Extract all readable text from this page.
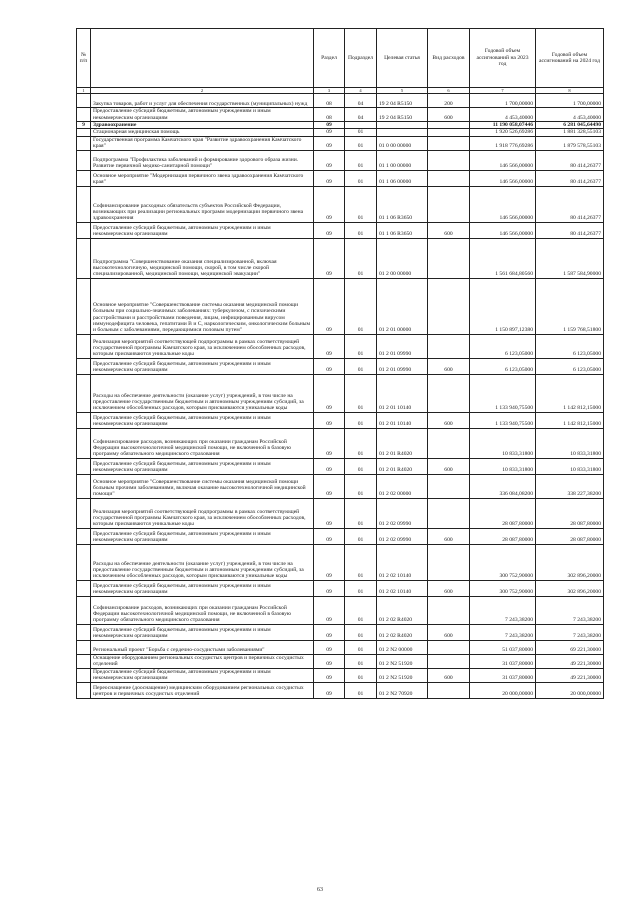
№ п/п		Раздел	Подраздел	Целевая статья	Вид расходов	Годовой объем ассигнований на 2023 год	Годовой объем ассигнований на 2024 год
1	2	3	4	5	6	7	8
	Закупка товаров, работ и услуг для обеспечения государственных (муниципальных) нужд	08	04	19 2 04 R5150	200	1 700,00000	1 700,00000
	Предоставление субсидий бюджетным, автономным учреждениям и иным некоммерческим организациям	08	04	19 2 04 R5150	600	4 453,40000	4 453,40000
9	Здравоохранение	09				11 190 058,07446	6 281 045,64490
	Стационарная медицинская помощь	09	01			1 920 526,69286	1 881 328,55103
	Государственная программа Камчатского края "Развитие здравоохранения Камчатского края"	09	01	01 0 00 00000		1 918 776,69286	1 879 578,55103
	Подпрограмма "Профилактика заболеваний и формирование здорового образа жизни. Развитие первичной медико-санитарной помощи"	09	01	01 1 00 00000		146 566,00000	80 414,26377
	Основное мероприятие "Модернизация первичного звена здравоохранения Камчатского края"	09	01	01 1 06 00000		146 566,00000	80 414,26377
	Софинансирование расходных обязательств субъектов Российской Федерации, возникающих при реализации региональных программ модернизации первичного звена здравоохранения	09	01	01 1 06 R3650		146 566,00000	80 414,26377
	Предоставление субсидий бюджетным, автономным учреждениям и иным некоммерческим организациям	09	01	01 1 06 R3650	600	146 566,00000	80 414,26377
	Подпрограмма "Совершенствование оказания специализированной, включая высокотехнологичную, медицинской помощи, скорой, в том числе скорой специализированной, медицинской помощи, медицинской эвакуации"	09	01	01 2 00 00000		1 561 684,80560	1 587 584,90000
	Основное мероприятие "Совершенствование системы оказания медицинской помощи больным при социально-значимых заболеваниях: туберкулезом, с психическими расстройствами и расстройствами поведения, лицам, инфицированным вирусом иммунодефицита человека, гепатитами В и С, наркологическим, онкологическим больным и больным с заболеваниями, передающимися половым путем"	09	01	01 2 01 00000		1 150 897,12380	1 159 768,51800
	Реализация мероприятий соответствующей подпрограммы в рамках соответствующей государственной программы Камчатского края, за исключением обособленных расходов, которым присваиваются уникальные коды	09	01	01 2 01 09990		6 123,05000	6 123,05000
	Предоставление субсидий бюджетным, автономным учреждениям и иным некоммерческим организациям	09	01	01 2 01 09990	600	6 123,05000	6 123,05000
	Расходы на обеспечение деятельности (оказание услуг) учреждений, в том числе на предоставление государственным бюджетным и автономным учреждениям субсидий, за исключением обособленных расходов, которым присваиваются уникальные коды	09	01	01 2 01 10140		1 133 940,75500	1 142 812,15000
	Предоставление субсидий бюджетным, автономным учреждениям и иным некоммерческим организациям	09	01	01 2 01 10140	600	1 133 940,75500	1 142 812,15000
	Софинансирование расходов, возникающих при оказании гражданам Российской Федерации высокотехнологичной медицинской помощи, не включенной в базовую программу обязательного медицинского страхования	09	01	01 2 01 R4020		10 833,31800	10 833,31800
	Предоставление субсидий бюджетным, автономным учреждениям и иным некоммерческим организациям	09	01	01 2 01 R4020	600	10 833,31800	10 833,31800
	Основное мероприятие "Совершенствование системы оказания медицинской помощи больным прочими заболеваниями, включая оказание высокотехнологичной медицинской помощи"	09	01	01 2 02 00000		336 084,08200	338 227,38200
	Реализация мероприятий соответствующей подпрограммы в рамках соответствующей государственной программы Камчатского края, за исключением обособленных расходов, которым присваиваются уникальные коды	09	01	01 2 02 09990		28 087,80000	28 087,80000
	Предоставление субсидий бюджетным, автономным учреждениям и иным некоммерческим организациям	09	01	01 2 02 09990	600	28 087,80000	28 087,80000
	Расходы на обеспечение деятельности (оказание услуг) учреждений, в том числе на предоставление государственным бюджетным и автономным учреждениям субсидий, за исключением обособленных расходов, которым присваиваются уникальные коды	09	01	01 2 02 10140		300 752,90000	302 896,20000
	Предоставление субсидий бюджетным, автономным учреждениям и иным некоммерческим организациям	09	01	01 2 02 10140	600	300 752,90000	302 896,20000
	Софинансирование расходов, возникающих при оказании гражданам Российской Федерации высокотехнологичной медицинской помощи, не включенной в базовую программу обязательного медицинского страхования	09	01	01 2 02 R4020		7 243,38200	7 243,38200
	Предоставление субсидий бюджетным, автономным учреждениям и иным некоммерческим организациям	09	01	01 2 02 R4020	600	7 243,38200	7 243,38200
	Региональный проект "Борьба с сердечно-сосудистыми заболеваниями"	09	01	01 2 N2 00000		51 037,80000	69 221,30000
	Оснащение оборудованием региональных сосудистых центров и первичных сосудистых отделений	09	01	01 2 N2 51920		31 037,80000	49 221,30000
	Предоставление субсидий бюджетным, автономным учреждениям и иным некоммерческим организациям	09	01	01 2 N2 51920	600	31 037,80000	49 221,30000
	Переоснащение (дооснащение) медицинским оборудованием региональных сосудистых центров и первичных сосудистых отделений	09	01	01 2 N2 70920		20 000,00000	20 000,00000
63
